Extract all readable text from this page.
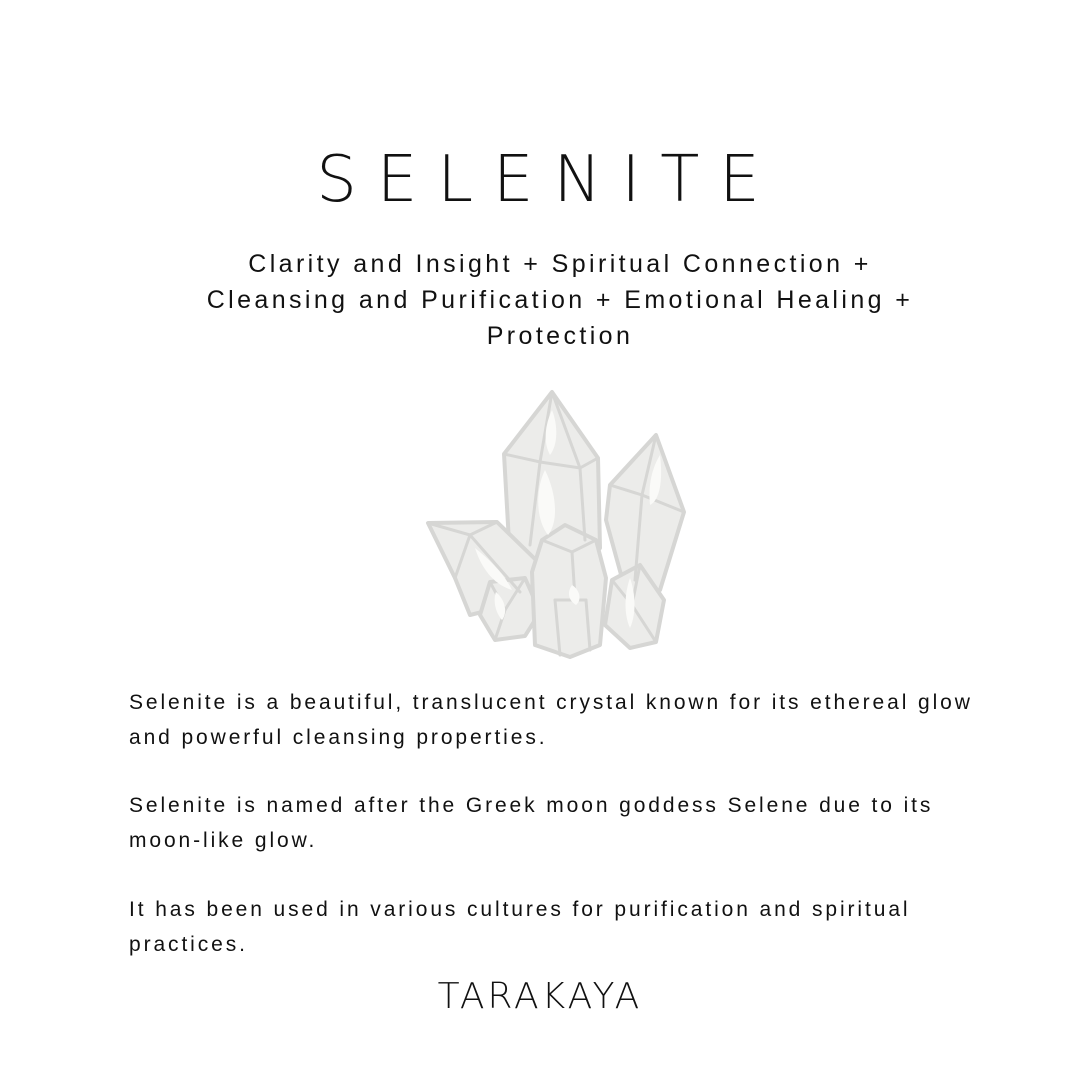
SELENITE

Clarity and Insight + Spiritual Connection + Cleansing and Purification + Emotional Healing + Protection

Selenite is a beautiful, translucent crystal known for its ethereal glow and powerful cleansing properties.

Selenite is named after the Greek moon goddess Selene due to its moon-like glow.

It has been used in various cultures for purification and spiritual practices.

TARAKAYA
